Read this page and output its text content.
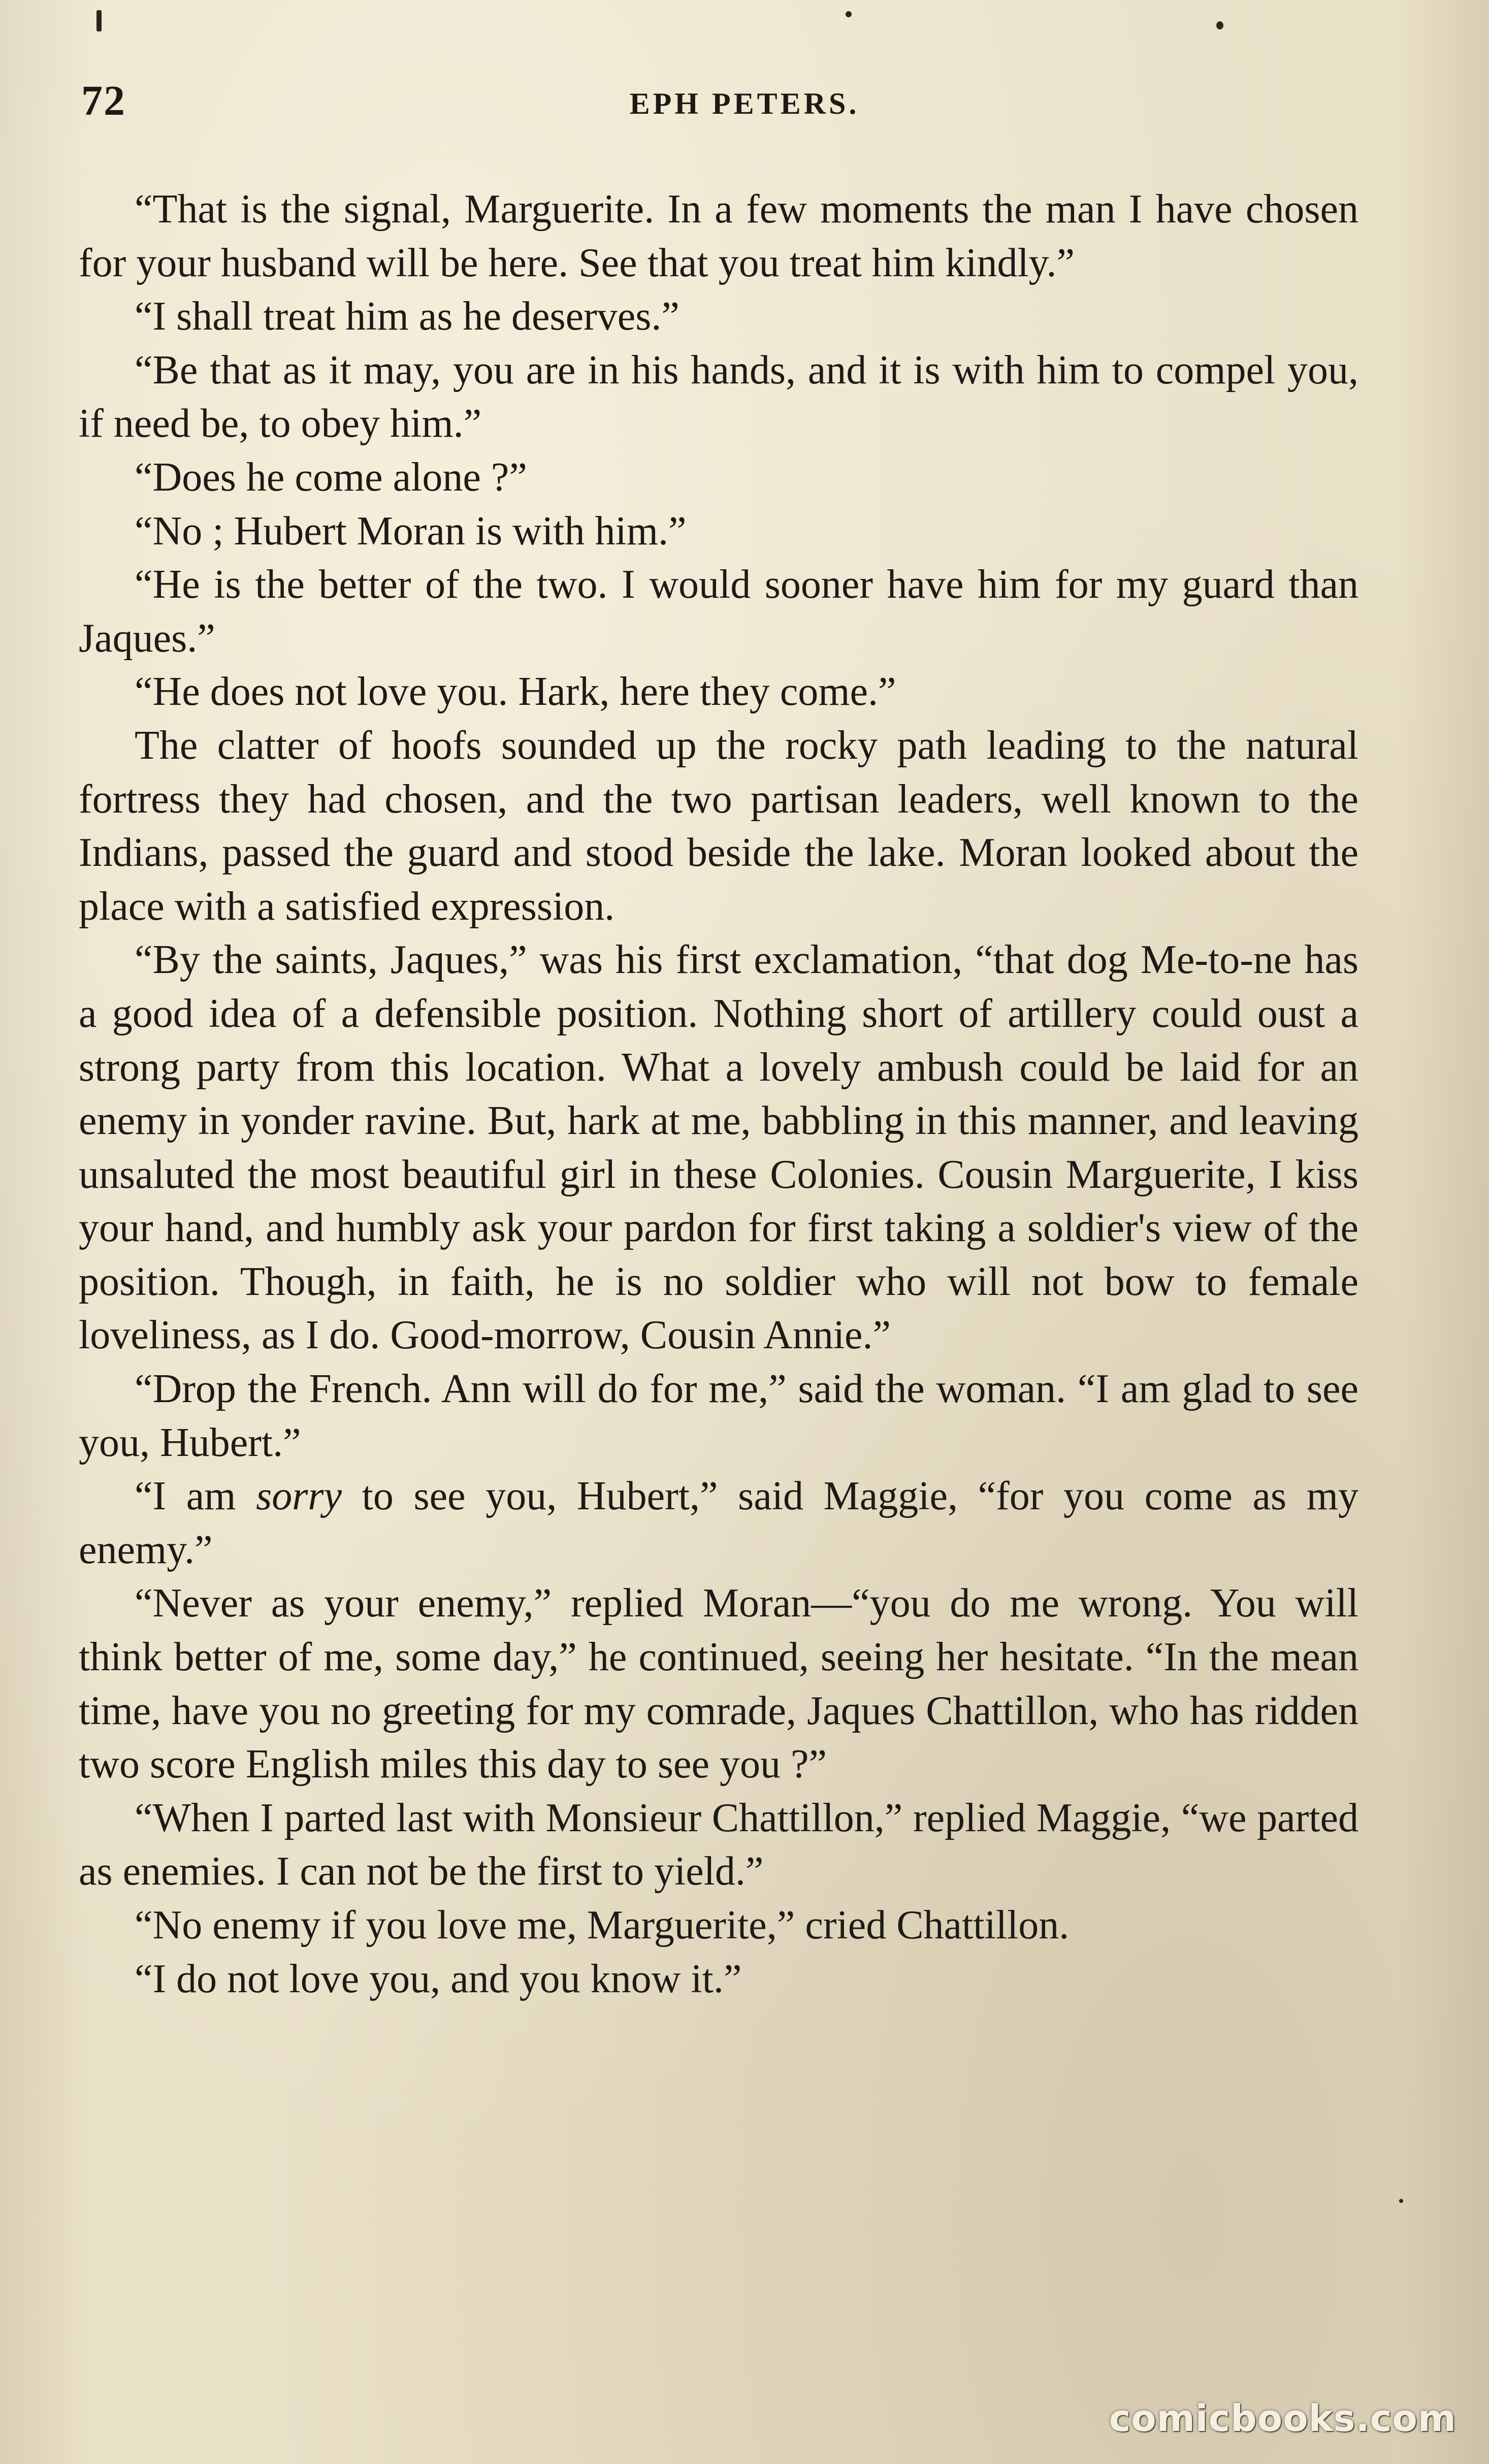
72	EPH PETERS.

“That is the signal, Marguerite. In a few moments the man I have chosen for your husband will be here. See that you treat him kindly.”

“I shall treat him as he deserves.”

“Be that as it may, you are in his hands, and it is with him to compel you, if need be, to obey him.”

“Does he come alone ?”

“No ; Hubert Moran is with him.”

“He is the better of the two. I would sooner have him for my guard than Jaques.”

“He does not love you. Hark, here they come.”

The clatter of hoofs sounded up the rocky path leading to the natural fortress they had chosen, and the two partisan leaders, well known to the Indians, passed the guard and stood beside the lake. Moran looked about the place with a satisfied expression.

“By the saints, Jaques,” was his first exclamation, “that dog Me-to-ne has a good idea of a defensible position. Nothing short of artillery could oust a strong party from this location. What a lovely ambush could be laid for an enemy in yonder ravine. But, hark at me, babbling in this manner, and leaving unsaluted the most beautiful girl in these Colonies. Cousin Marguerite, I kiss your hand, and humbly ask your pardon for first taking a soldier's view of the position. Though, in faith, he is no soldier who will not bow to female loveliness, as I do. Good-morrow, Cousin Annie.”

“Drop the French. Ann will do for me,” said the woman. “I am glad to see you, Hubert.”

“I am sorry to see you, Hubert,” said Maggie, “for you come as my enemy.”

“Never as your enemy,” replied Moran—“you do me wrong. You will think better of me, some day,” he continued, seeing her hesitate. “In the mean time, have you no greeting for my comrade, Jaques Chattillon, who has ridden two score English miles this day to see you ?”

“When I parted last with Monsieur Chattillon,” replied Maggie, “we parted as enemies. I can not be the first to yield.”

“No enemy if you love me, Marguerite,” cried Chattillon.

“I do not love you, and you know it.”

comicbooks.com
